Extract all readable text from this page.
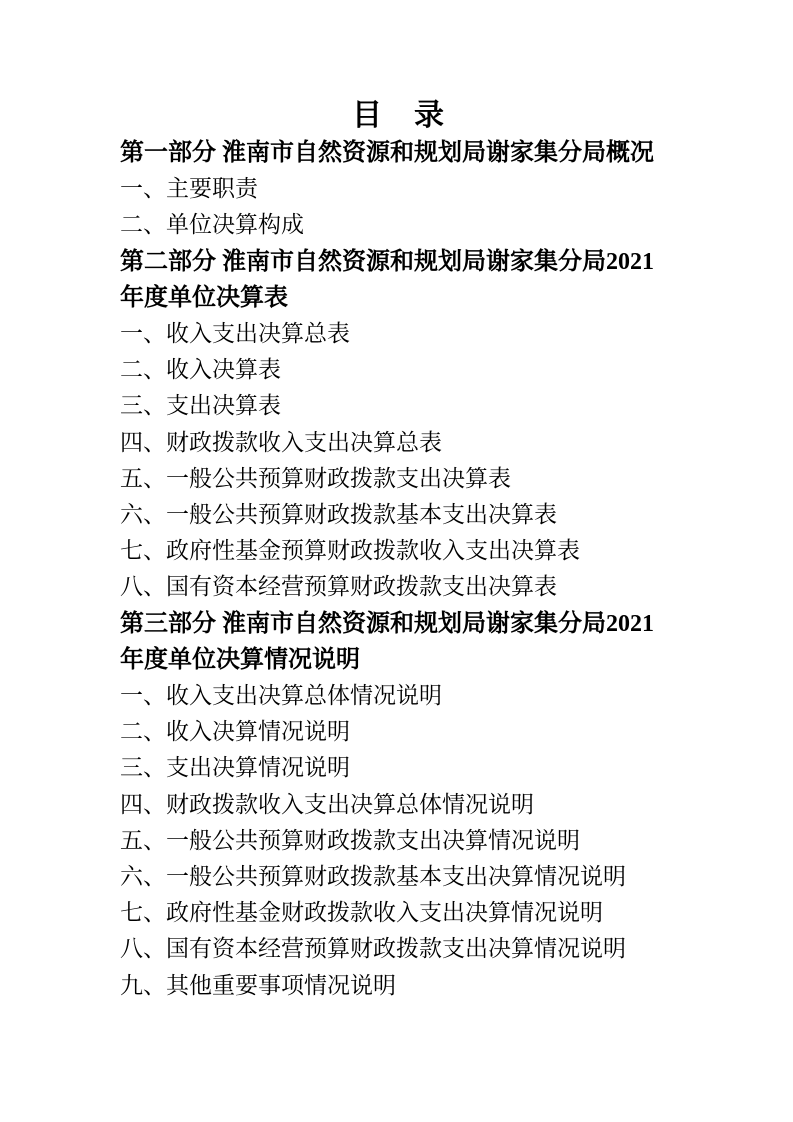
目　录
第一部分 淮南市自然资源和规划局谢家集分局概况
一、主要职责
二、单位决算构成
第二部分 淮南市自然资源和规划局谢家集分局2021
年度单位决算表
一、收入支出决算总表
二、收入决算表
三、支出决算表
四、财政拨款收入支出决算总表
五、一般公共预算财政拨款支出决算表
六、一般公共预算财政拨款基本支出决算表
七、政府性基金预算财政拨款收入支出决算表
八、国有资本经营预算财政拨款支出决算表
第三部分 淮南市自然资源和规划局谢家集分局2021
年度单位决算情况说明
一、收入支出决算总体情况说明
二、收入决算情况说明
三、支出决算情况说明
四、财政拨款收入支出决算总体情况说明
五、一般公共预算财政拨款支出决算情况说明
六、一般公共预算财政拨款基本支出决算情况说明
七、政府性基金财政拨款收入支出决算情况说明
八、国有资本经营预算财政拨款支出决算情况说明
九、其他重要事项情况说明
